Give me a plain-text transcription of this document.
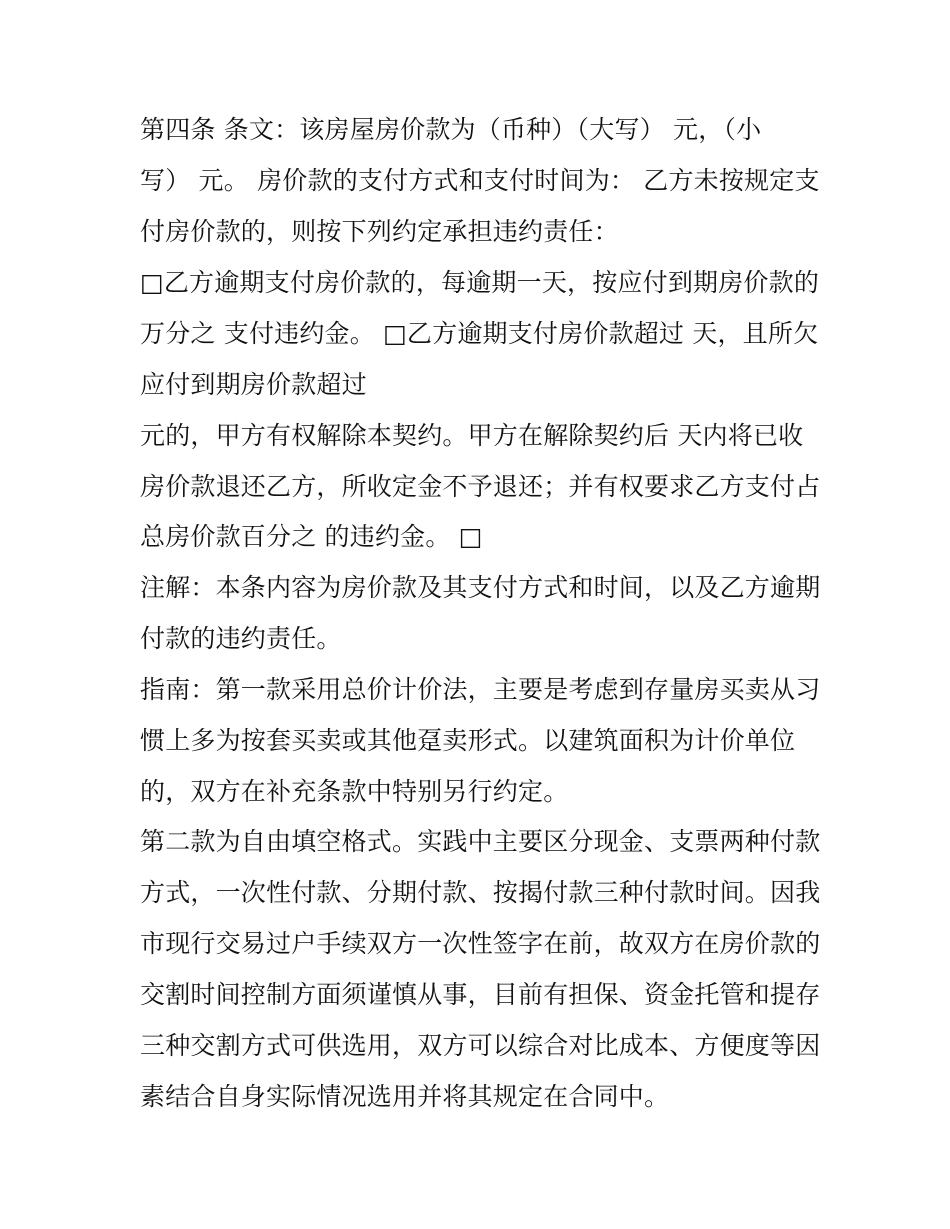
第四条 条文：该房屋房价款为（币种）（大写） 元，（小
写） 元。 房价款的支付方式和支付时间为： 乙方未按规定支
付房价款的，则按下列约定承担违约责任：
□乙方逾期支付房价款的，每逾期一天，按应付到期房价款的
万分之 支付违约金。 □乙方逾期支付房价款超过 天，且所欠
应付到期房价款超过
元的，甲方有权解除本契约。甲方在解除契约后 天内将已收
房价款退还乙方，所收定金不予退还；并有权要求乙方支付占
总房价款百分之 的违约金。 □
注解：本条内容为房价款及其支付方式和时间，以及乙方逾期
付款的违约责任。
指南：第一款采用总价计价法，主要是考虑到存量房买卖从习
惯上多为按套买卖或其他趸卖形式。以建筑面积为计价单位
的，双方在补充条款中特别另行约定。
第二款为自由填空格式。实践中主要区分现金、支票两种付款
方式，一次性付款、分期付款、按揭付款三种付款时间。因我
市现行交易过户手续双方一次性签字在前，故双方在房价款的
交割时间控制方面须谨慎从事，目前有担保、资金托管和提存
三种交割方式可供选用，双方可以综合对比成本、方便度等因
素结合自身实际情况选用并将其规定在合同中。
